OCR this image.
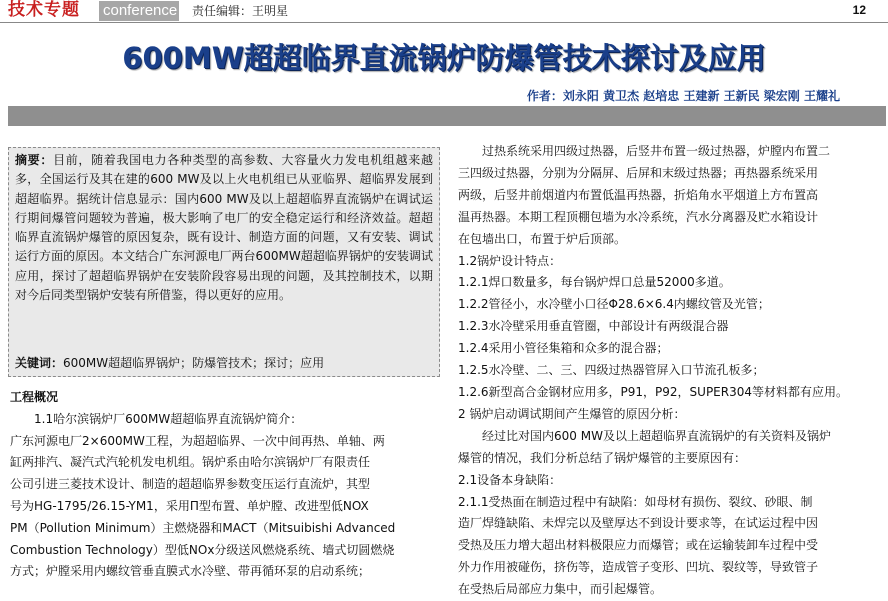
技术专题 conference 责任编辑：王明星	12
600MW超超临界直流锅炉防爆管技术探讨及应用
作者：刘永阳 黄卫杰 赵培忠 王建新 王新民 梁宏刚 王耀礼
摘要：目前，随着我国电力各种类型的高参数、大容量火力发电机组越来越多，全国运行及其在建的600 MW及以上火电机组已从亚临界、超临界发展到超超临界。据统计信息显示：国内600 MW及以上超超临界直流锅炉在调试运行期间爆管问题较为普遍，极大影响了电厂的安全稳定运行和经济效益。超超临界直流锅炉爆管的原因复杂，既有设计、制造方面的问题，又有安装、调试运行方面的原因。本文结合广东河源电厂两台600MW超超临界锅炉的安装调试应用，探讨了超超临界锅炉在安装阶段容易出现的问题，及其控制技术，以期对今后同类型锅炉安装有所借鉴，得以更好的应用。
关键词：600MW超超临界锅炉；防爆管技术；探讨；应用
工程概况
1.1哈尔滨锅炉厂600MW超超临界直流锅炉简介：
广东河源电厂2×600MW工程，为超超临界、一次中间再热、单轴、两
缸两排汽、凝汽式汽轮机发电机组。锅炉系由哈尔滨锅炉厂有限责任
公司引进三菱技术设计、制造的超超临界参数变压运行直流炉，其型
号为HG-1795/26.15-YM1，采用Π型布置、单炉膛、改进型低NOX
PM（Pollution Minimum）主燃烧器和MACT（Mitsuibishi Advanced
Combustion Technology）型低NOx分级送风燃烧系统、墙式切圆燃烧
方式；炉膛采用内螺纹管垂直膜式水冷壁、带再循环泵的启动系统；
过热系统采用四级过热器，后竖井布置一级过热器，炉膛内布置二
三四级过热器，分别为分隔屏、后屏和末级过热器；再热器系统采用
两级，后竖井前烟道内布置低温再热器，折焰角水平烟道上方布置高
温再热器。本期工程顶棚包墙为水冷系统，汽水分离器及贮水箱设计
在包墙出口，布置于炉后顶部。
1.2锅炉设计特点：
1.2.1焊口数量多，每台锅炉焊口总量52000多道。
1.2.2管径小，水冷壁小口径Φ28.6×6.4内螺纹管及光管；
1.2.3水冷壁采用垂直管圈，中部设计有两级混合器
1.2.4采用小管径集箱和众多的混合器；
1.2.5水冷壁、二、三、四级过热器管屏入口节流孔板多；
1.2.6新型高合金钢材应用多，P91，P92，SUPER304等材料都有应用。
2 锅炉启动调试期间产生爆管的原因分析：
经过比对国内600 MW及以上超超临界直流锅炉的有关资料及锅炉
爆管的情况，我们分析总结了锅炉爆管的主要原因有：
2.1设备本身缺陷：
2.1.1受热面在制造过程中有缺陷：如母材有损伤、裂纹、砂眼、制
造厂焊缝缺陷、未焊完以及壁厚达不到设计要求等，在试运过程中因
受热及压力增大超出材料极限应力而爆管；或在运输装卸车过程中受
外力作用被碰伤，挤伤等，造成管子变形、凹坑、裂纹等，导致管子
在受热后局部应力集中，而引起爆管。
